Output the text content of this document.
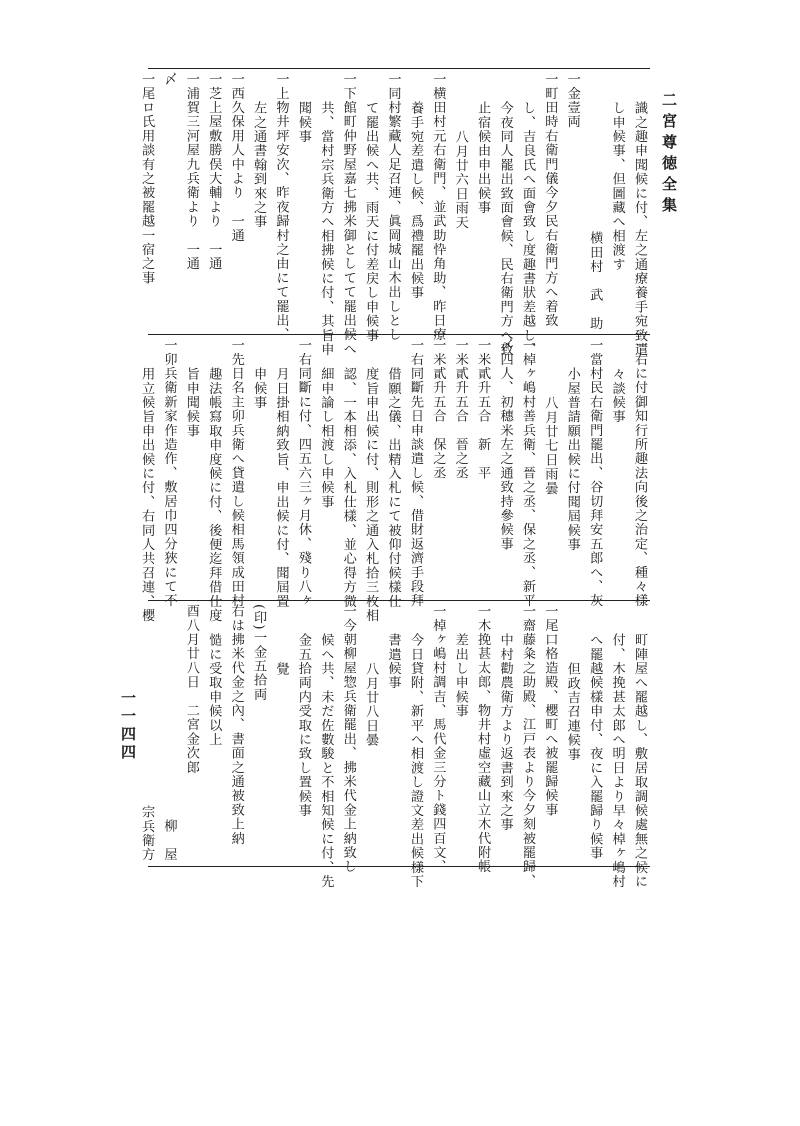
二宮尊徳全集
一一四四
識之趣申聞候に付、左之通療養手宛致遣
し申候事、但圖藏へ相渡す
横田村　武　助
一金壹両
一町田時右衛門儀今夕民右衛門方へ着致
し、吉良氏へ面會致し度趣書狀差越し、
今夜同人罷出致面會候、民右衛門方へ致
止宿候由申出候事
八月廿六日雨天
一横田村元右衛門、並武助忰角助、昨日療
養手宛差遣し候、爲禮罷出候事
一同村繁藏人足召連、眞岡城山木出しとし
て罷出候へ共、雨天に付差戻し申候事
一下館町仲野屋嘉七拂米御としてて罷出候へ
共、當村宗兵衛方へ相拂候に付、其旨申
聞候事
一上物井坪安次、昨夜歸村之由にて罷出、
左之通書翰到來之事
一西久保用人中より　一通
一芝上屋敷勝俣大輔より　一通
一浦賀三河屋九兵衛より　一通
〆
一尾ロ氏用談有之被罷越一宿之事
一右に付御知行所趣法向後之治定、種々樣
々談候事
一當村民右衛門罷出、谷切拜安五郎へ、灰
小屋普請願出候に付聞屆候事
八月廿七日雨曇
一棹ヶ嶋村善兵衛、晉之丞、保之丞、新平
〆四人、初穗米左之通致持參候事
一米貳升五合　新　平
一米貳升五合　晉之丞
一米貳升五合　保之丞
一右同斷先日申談遣し候、借財返濟手段拜
借願之儀、出精入札にて被仰付候樣仕
度旨申出候に付、則形之通入札拾三枚相
認、一本相添、入札仕樣、並心得方微
細申論し相渡し申候事
一右同斷に付、四五六三ヶ月休、殘り八ヶ
月日掛相納致旨、申出候に付、聞屆置
申候事
一先日名主卯兵衛へ貸遣し候相馬領成田村
趣法帳寫取申度候に付、後便迄拜借仕度
旨申聞候事
一卯兵衛新家作造作、敷居巾四分狹にて不
用立候旨申出候に付、右同人共召連、櫻
町陣屋へ罷越し、敷居取調候處無之候に
付、木挽甚太郎へ明日より早々棹ヶ嶋村
へ罷越候樣申付、夜に入罷歸り候事
但政吉召連候事
一尾口格造殿、櫻町へ被罷歸候事
一齋藤粂之助殿、江戸表より今夕刻被罷歸、
中村勸農衛方より返書到來之事
一木挽甚太郎、物井村虛空藏山立木代附帳
差出し申候事
一棹ヶ嶋村調吉、馬代金三分ト錢四百文、
今日貸附、新平へ相渡し證文差出候樣下
書遣候事
八月廿八日曇
一今朝柳屋惣兵衛罷出、拂米代金上納致し
候へ共、未だ佐數駿と不相知候に付、先
金五拾両内受取に致し置候事
覺
(印)一金五拾両
右は拂米代金之內、書面之通被致上納
慥に受取申候以上
酉八月廿八日　二宮金次郎
柳　屋
宗兵衛方
